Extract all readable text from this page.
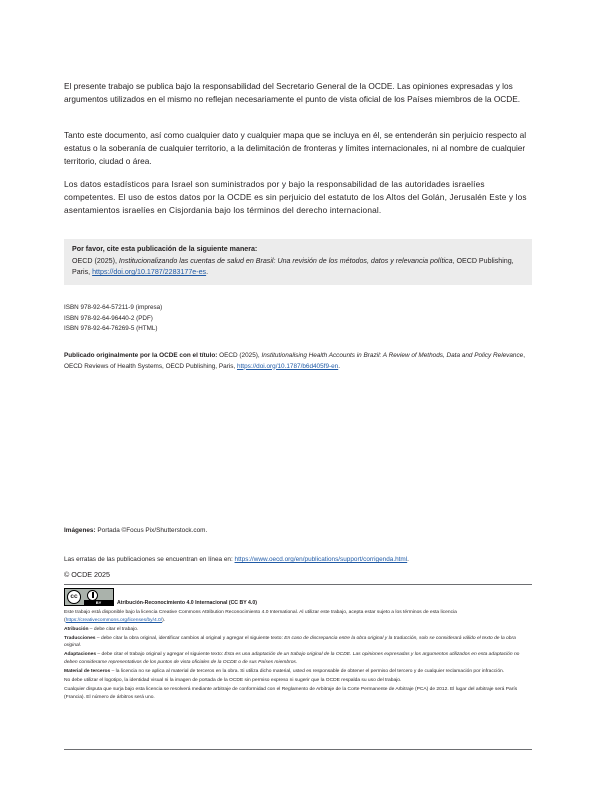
El presente trabajo se publica bajo la responsabilidad del Secretario General de la OCDE. Las opiniones expresadas y los argumentos utilizados en el mismo no reflejan necesariamente el punto de vista oficial de los Países miembros de la OCDE.

Tanto este documento, así como cualquier dato y cualquier mapa que se incluya en él, se entenderán sin perjuicio respecto al estatus o la soberanía de cualquier territorio, a la delimitación de fronteras y límites internacionales, ni al nombre de cualquier territorio, ciudad o área.

Los datos estadísticos para Israel son suministrados por y bajo la responsabilidad de las autoridades israelíes competentes. El uso de estos datos por la OCDE es sin perjuicio del estatuto de los Altos del Golán, Jerusalén Este y los asentamientos israelíes en Cisjordania bajo los términos del derecho internacional.

Por favor, cite esta publicación de la siguiente manera:
OECD (2025), Institucionalizando las cuentas de salud en Brasil: Una revisión de los métodos, datos y relevancia política, OECD Publishing, Paris, https://doi.org/10.1787/2283177e-es.
ISBN 978-92-64-57211-9 (impresa)
ISBN 978-92-64-96440-2 (PDF)
ISBN 978-92-64-76269-5 (HTML)
Publicado originalmente por la OCDE con el título: OECD (2025), Institutionalising Health Accounts in Brazil: A Review of Methods, Data and Policy Relevance, OECD Reviews of Health Systems, OECD Publishing, Paris, https://doi.org/10.1787/b6d405f9-en.
Imágenes: Portada ©Focus Pix/Shutterstock.com.
Las erratas de las publicaciones se encuentran en línea en: https://www.oecd.org/en/publications/support/corrigenda.html.
© OCDE 2025
cc
BY	Atribución-Reconocimiento 4.0 Internacional (CC BY 4.0)

Este trabajo está disponible bajo la licencia Creative Commons Attribution Reconocimiento 4.0 International. Al utilizar este trabajo, acepta estar sujeto a los términos de esta licencia (https://creativecommons.org/licenses/by/4.0/).

Atribución – debe citar el trabajo.

Traducciones – debe citar la obra original, identificar cambios al original y agregar el siguiente texto: En caso de discrepancia entre la obra original y la traducción, solo se considerará válido el texto de la obra original.

Adaptaciones – debe citar el trabajo original y agregar el siguiente texto: Ésta es una adaptación de un trabajo original de la OCDE. Las opiniones expresadas y los argumentos utilizados en esta adaptación no deben considerarse representativos de los puntos de vista oficiales de la OCDE o de sus Países miembros.

Material de terceros – la licencia no se aplica al material de terceros en la obra. Si utiliza dicho material, usted es responsable de obtener el permiso del tercero y de cualquier reclamación por infracción.

No debe utilizar el logotipo, la identidad visual ni la imagen de portada de la OCDE sin permiso expreso ni sugerir que la OCDE respalda su uso del trabajo.

Cualquier disputa que surja bajo esta licencia se resolverá mediante arbitraje de conformidad con el Reglamento de Arbitraje de la Corte Permanente de Arbitraje (PCA) de 2012. El lugar del arbitraje será París (Francia). El número de árbitros será uno.
